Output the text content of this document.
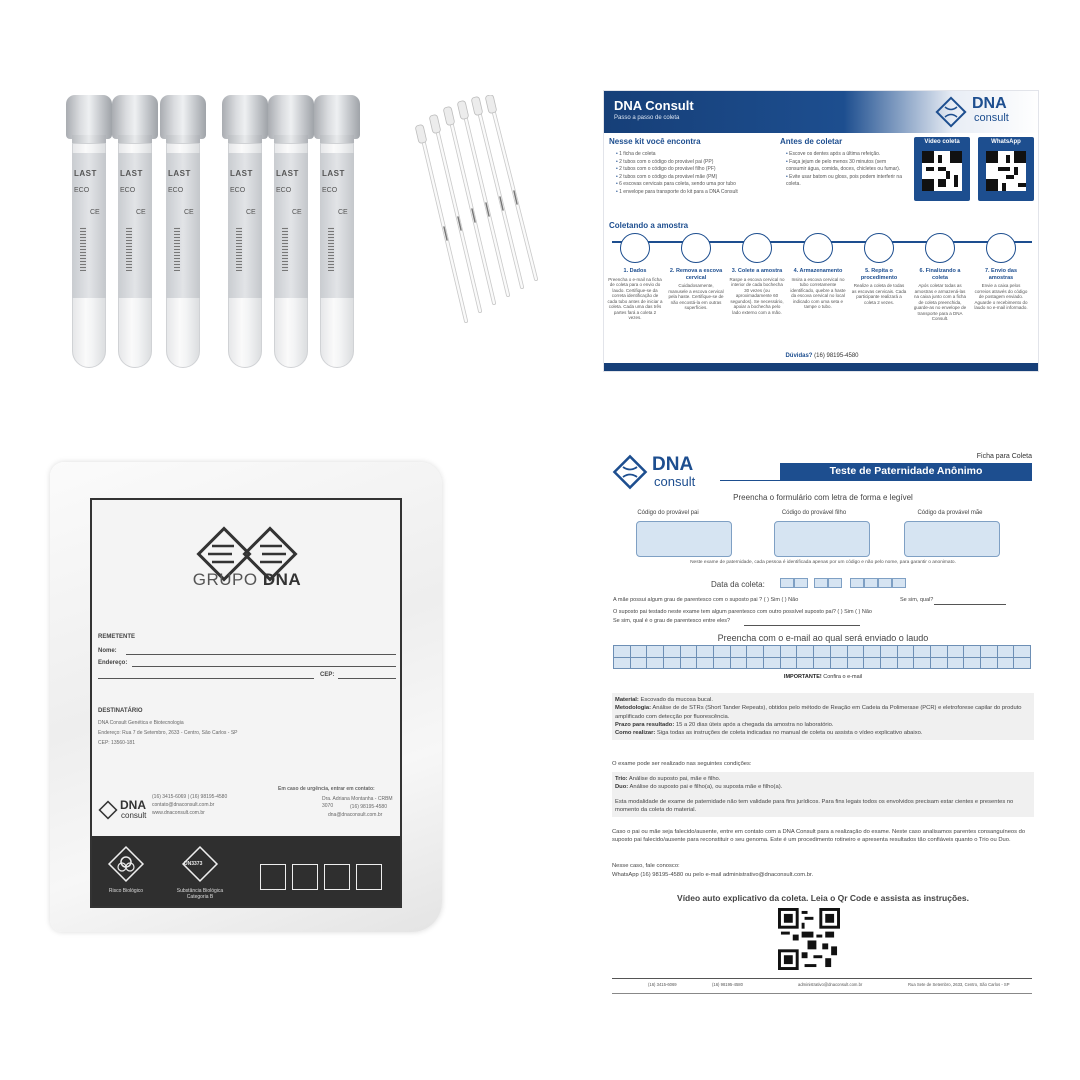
LAST
ECO
CE
LAST
ECO
CE
LAST
ECO
CE
LAST
ECO
CE
LAST
ECO
CE
LAST
ECO
CE
DNA Consult
Passo a passo de coleta
DNA
consult
Nesse kit você encontra
• 1 ficha de coleta
• 2 tubos com o código do provável pai (PP)
• 2 tubos com o código do provável filho (PF)
• 2 tubos com o código da provável mãe (PM)
• 6 escovas cervicais para coleta, sendo uma por tubo
• 1 envelope para transporte do kit para a DNA Consult
Antes de coletar
• Escove os dentes após a última refeição.
• Faça jejum de pelo menos 30 minutos (sem consumir água, comida, doces, chicletes ou fumar).
• Evite usar batom ou gloss, pois podem interferir na coleta.
Vídeo coleta	WhatsApp
Coletando a amostra
1. Dados
Preencha o e-mail na ficha de coleta para o envio do laudo. Certifique-se da correta identificação de cada tubo antes de iniciar a coleta. Cada uma das três partes fará a coleta 2 vezes.
2. Remova a escova cervical
Cuidadosamente, manusele a escova cervical pela haste. Certifique-se de não encostá-la em outras superfícies.
3. Colete a amostra
Raspe a escova cervical no interior de cada bochecha 30 vezes (ou aproximadamente 60 segundos). Se necessário, apoiar a bochecha pelo lado externo com a mão.
4. Armazenamento
Insira a escova cervical no tubo corretamente identificado, quebre a haste da escova cervical no local indicado com uma seta e tampe o tubo.
5. Repita o procedimento
Realize a coleta de todas as escovas cervicais. Cada participante realizará a coleta 2 vezes.
6. Finalizando a coleta
Após coletar todas as amostras e armazená-las na caixa junto com a ficha de coleta preenchida, guarde-as no envelope de transporte para a DNA Consult.
7. Envio das amostras
Envie a caixa pelos correios através do código de postagem enviado. Aguarde o recebimento do laudo no e-mail informado.
Dúvidas? (16) 98195-4580
GRUPO DNA
REMETENTE
Nome:
Endereço:
CEP:
DESTINATÁRIO
DNA Consult Genética e Biotecnologia
Endereço: Rua 7 de Setembro, 2633 - Centro, São Carlos - SP
CEP: 13560-181
DNA
consult
(16) 3415-6069 | (16) 98195-4580
contato@dnaconsult.com.br
www.dnaconsult.com.br
Em caso de urgência, entrar em contato:
Dra. Adriana Montanha - CRBM 3070	(16) 98195-4580
dna@dnaconsult.com.br
Risco Biológico
UN3373
Substância Biológica Categoria B
DNA
consult
Ficha para Coleta
Teste de Paternidade Anônimo
Preencha o formulário com letra de forma e legível
Código do provável pai	Código do provável filho	Código da provável mãe
Neste exame de paternidade, cada pessoa é identificada apenas por um código e não pelo nome, para garantir o anonimato.
Data da coleta:
A mãe possui algum grau de parentesco com o suposto pai ? ( ) Sim ( ) Não	Se sim, qual?
O suposto pai testado neste exame tem algum parentesco com outro possível suposto pai? ( ) Sim ( ) Não
Se sim, qual é o grau de parentesco entre eles?
Preencha com o e-mail ao qual será enviado o laudo
IMPORTANTE! Confira o e-mail
Material: Escovado da mucosa bucal.
Metodologia: Análise de de STRs (Short Tander Repeats), obtidos pelo método de Reação em Cadeia da Polimerase (PCR) e eletroforese capilar do produto amplificado com detecção por fluorescência.
Prazo para resultado: 15 a 20 dias úteis após a chegada da amostra no laboratório.
Como realizar: Siga todas as instruções de coleta indicadas no manual de coleta ou assista o vídeo explicativo abaixo.
O exame pode ser realizado nas seguintes condições:
Trio: Análise do suposto pai, mãe e filho.
Duo: Análise do suposto pai e filho(a), ou suposta mãe e filho(a).
Esta modalidade de exame de paternidade não tem validade para fins jurídicos. Para fins legais todos os envolvidos precisam estar cientes e presentes no momento da coleta do material.
Caso o pai ou mãe seja falecido/ausente, entre em contato com a DNA Consult para a realização do exame. Neste caso analisamos parentes consanguíneos do suposto pai falecido/ausente para reconstituir o seu genoma. Este é um procedimento rotineiro e apresenta resultados tão confiáveis quanto o Trio ou Duo.
Nesse caso, fale conosco:
WhatsApp (16) 98195-4580 ou pelo e-mail administrativo@dnaconsult.com.br.
Vídeo auto explicativo da coleta. Leia o Qr Code e assista as instruções.
(16) 3415-6069	(16) 98195-4580	administrativo@dnaconsult.com.br	Rua Sete de Setembro, 2633, Centro, São Carlos - SP
